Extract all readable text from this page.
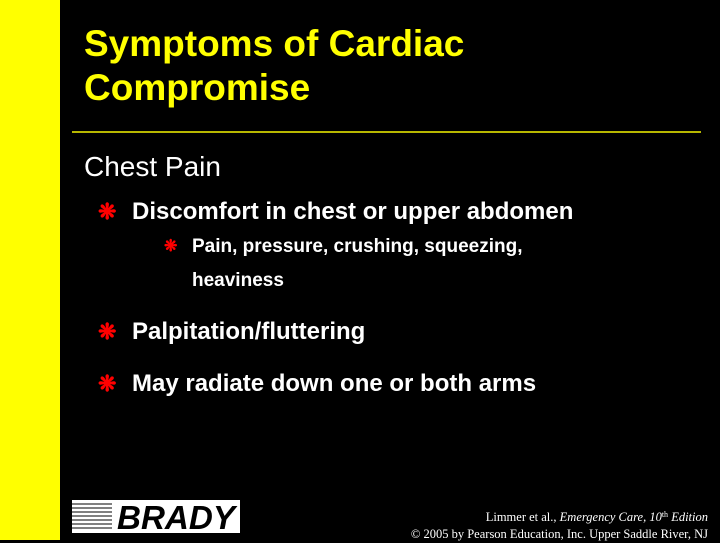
Symptoms of Cardiac
Compromise
Chest Pain
❋ Discomfort in chest or upper abdomen
❋ Pain, pressure, crushing, squeezing,
heaviness
❋ Palpitation/fluttering
❋ May radiate down one or both arms
BRADY	Limmer et al., Emergency Care, 10th Edition
© 2005 by Pearson Education, Inc. Upper Saddle River, NJ
